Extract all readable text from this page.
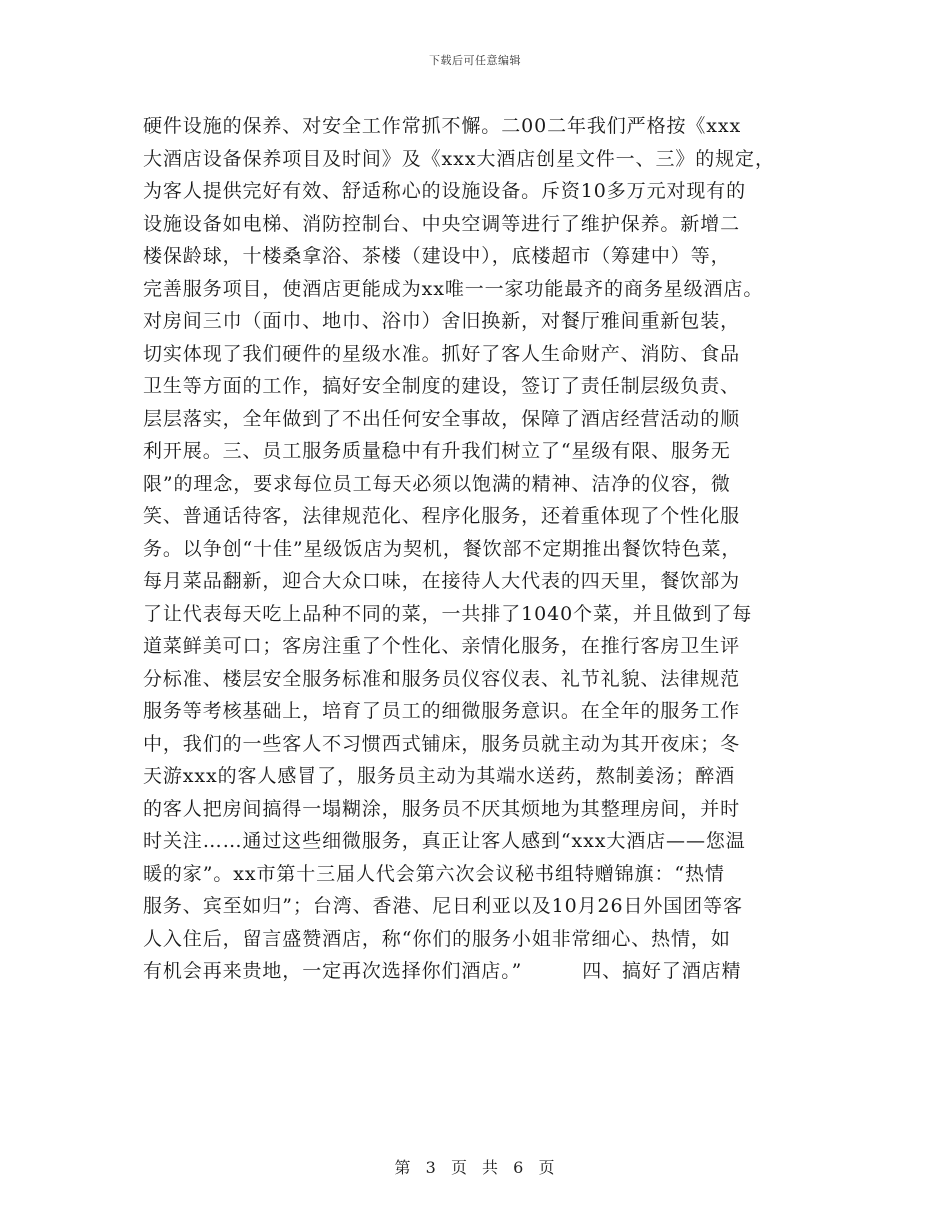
下载后可任意编辑
硬件设施的保养、对安全工作常抓不懈。二00二年我们严格按《xxx
大酒店设备保养项目及时间》及《xxx大酒店创星文件一、三》的规定，
为客人提供完好有效、舒适称心的设施设备。斥资10多万元对现有的
设施设备如电梯、消防控制台、中央空调等进行了维护保养。新增二
楼保龄球，十楼桑拿浴、茶楼（建设中），底楼超市（筹建中）等，
完善服务项目，使酒店更能成为xx唯一一家功能最齐的商务星级酒店。
对房间三巾（面巾、地巾、浴巾）舍旧换新，对餐厅雅间重新包装，
切实体现了我们硬件的星级水准。抓好了客人生命财产、消防、食品
卫生等方面的工作，搞好安全制度的建设，签订了责任制层级负责、
层层落实，全年做到了不出任何安全事故，保障了酒店经营活动的顺
利开展。三、员工服务质量稳中有升我们树立了“星级有限、服务无
限”的理念，要求每位员工每天必须以饱满的精神、洁净的仪容，微
笑、普通话待客，法律规范化、程序化服务，还着重体现了个性化服
务。以争创“十佳”星级饭店为契机，餐饮部不定期推出餐饮特色菜，
每月菜品翻新，迎合大众口味，在接待人大代表的四天里，餐饮部为
了让代表每天吃上品种不同的菜，一共排了1040个菜，并且做到了每
道菜鲜美可口；客房注重了个性化、亲情化服务，在推行客房卫生评
分标准、楼层安全服务标准和服务员仪容仪表、礼节礼貌、法律规范
服务等考核基础上，培育了员工的细微服务意识。在全年的服务工作
中，我们的一些客人不习惯西式铺床，服务员就主动为其开夜床；冬
天游xxx的客人感冒了，服务员主动为其端水送药，熬制姜汤；醉酒
的客人把房间搞得一塌糊涂，服务员不厌其烦地为其整理房间，并时
时关注……通过这些细微服务，真正让客人感到“xxx大酒店——您温
暖的家”。xx市第十三届人代会第六次会议秘书组特赠锦旗：“热情
服务、宾至如归”；台湾、香港、尼日利亚以及10月26日外国团等客
人入住后，留言盛赞酒店，称“你们的服务小姐非常细心、热情，如
有机会再来贵地，一定再次选择你们酒店。”	四、搞好了酒店精
第 3 页 共 6 页
